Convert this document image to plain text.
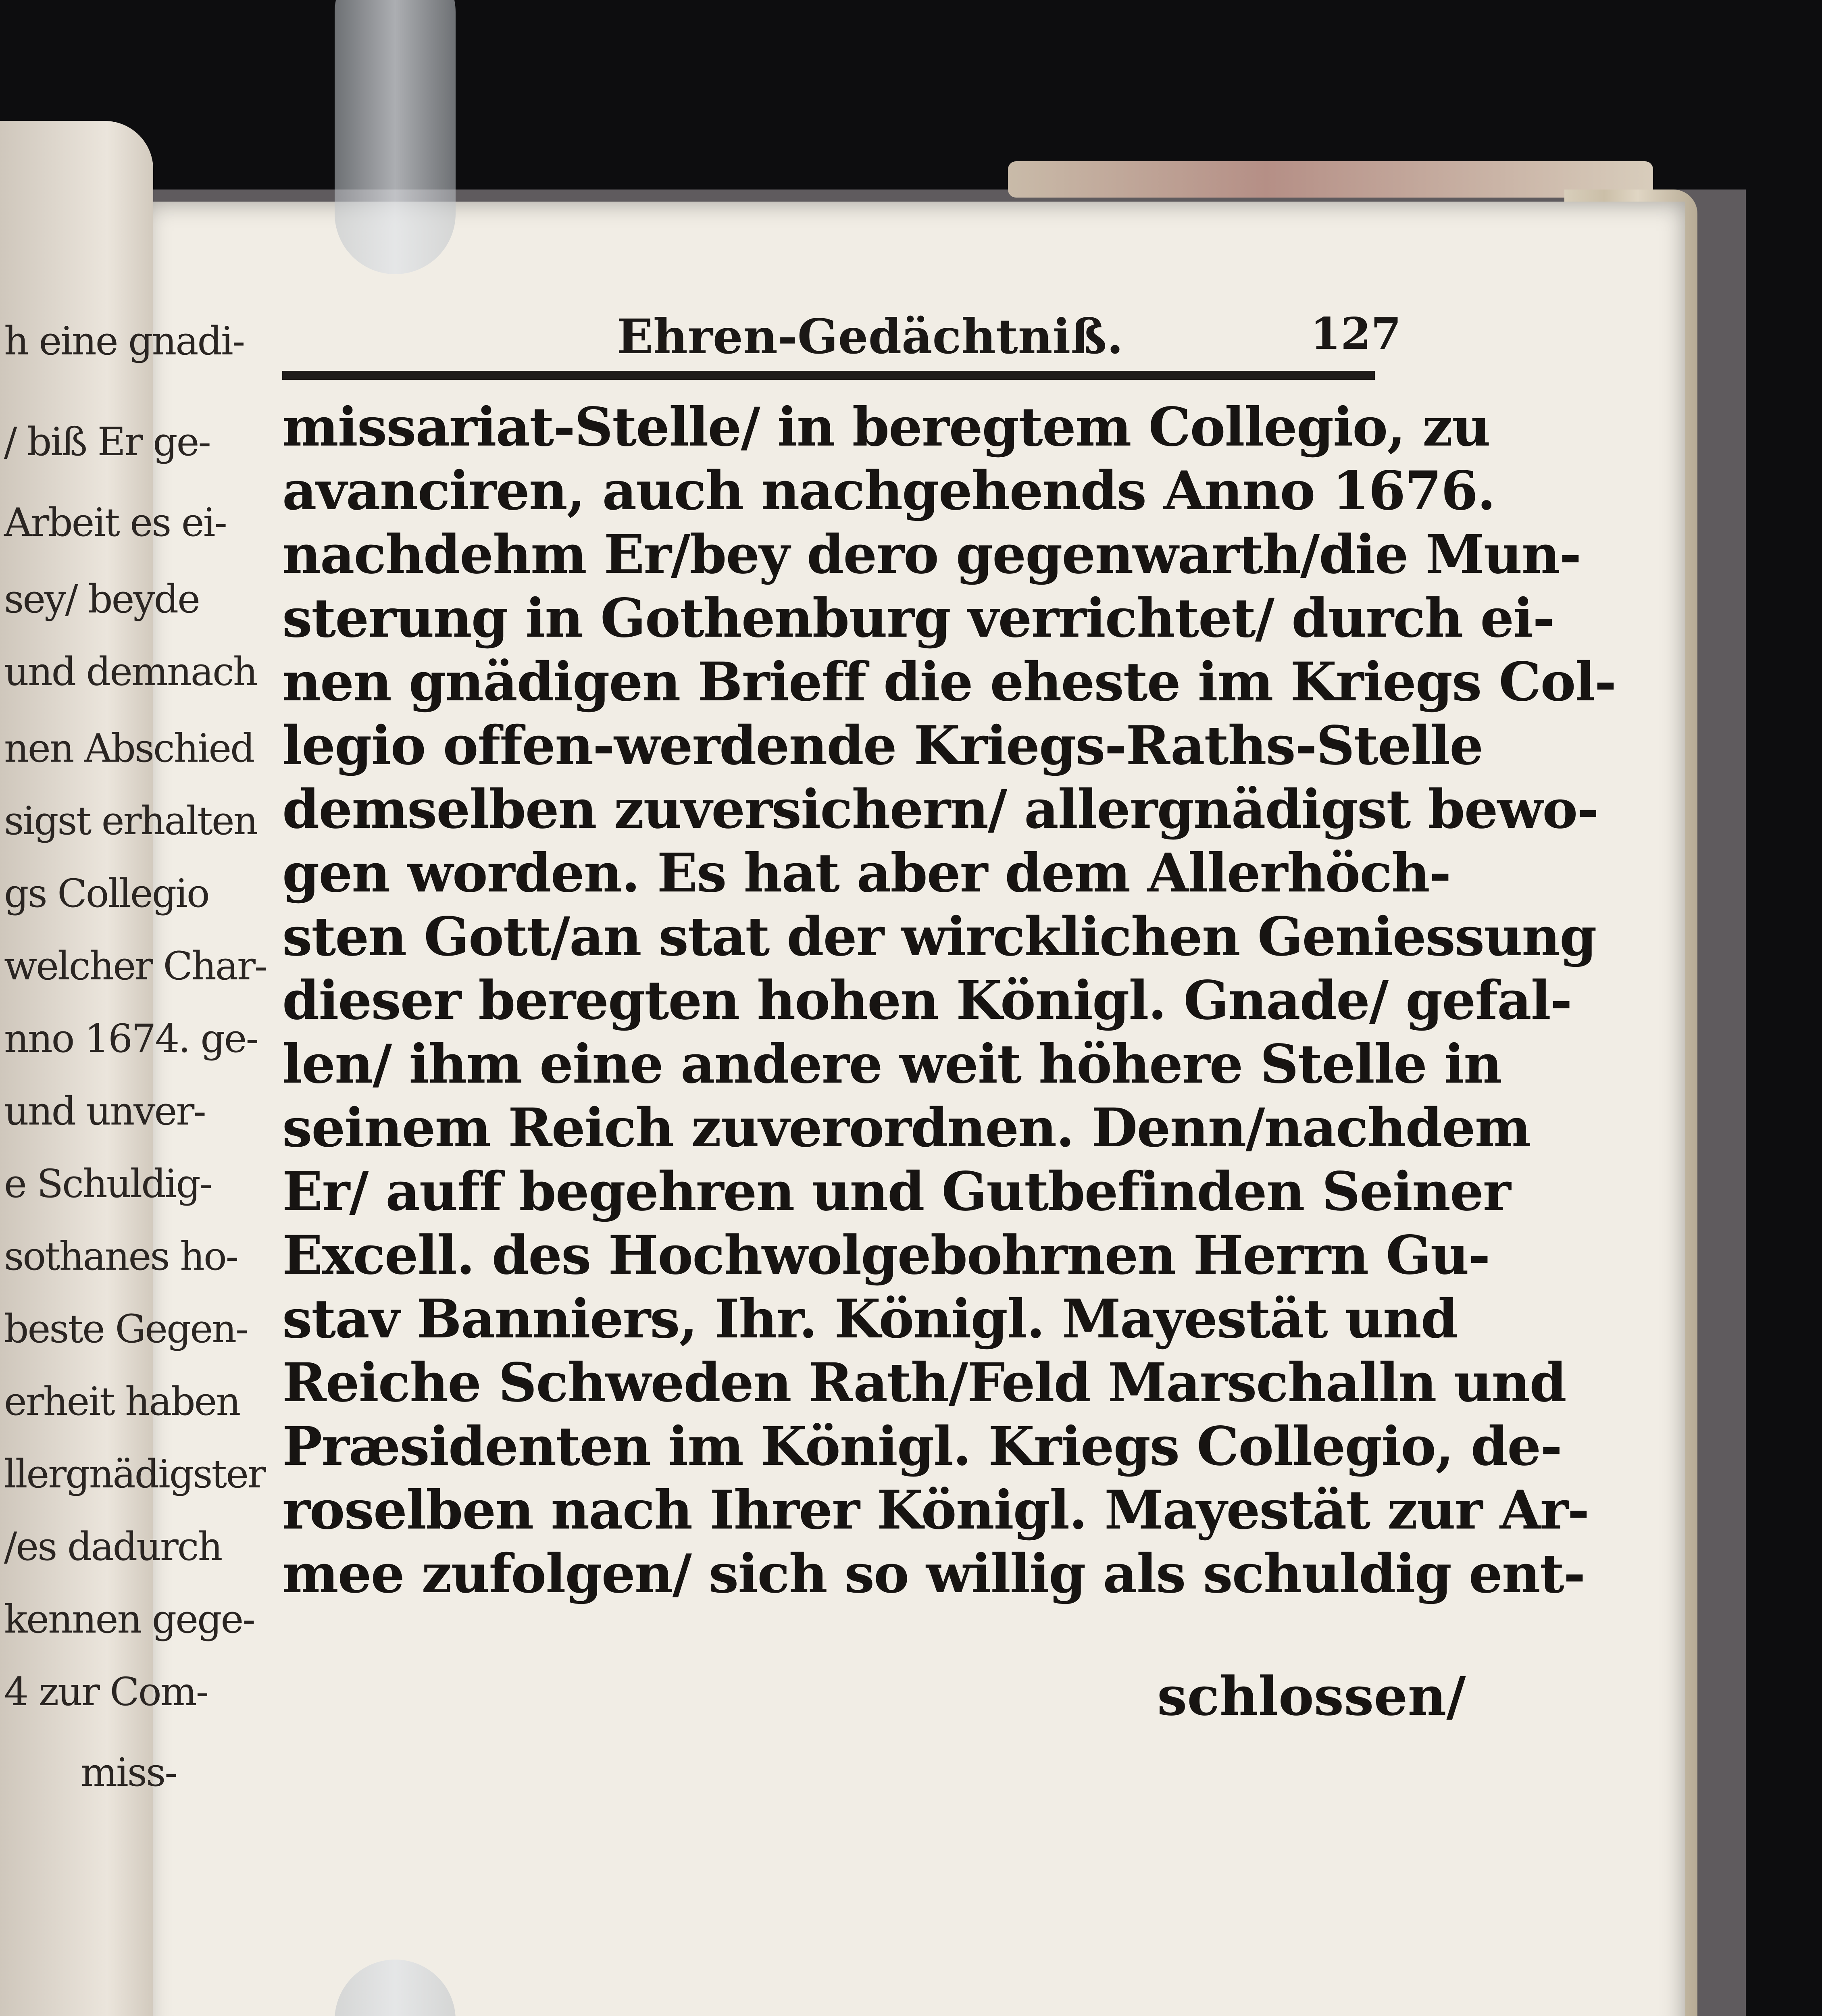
h eine gnadi-
/ biß Er ge-
Arbeit es ei-
sey/ beyde
und demnach
nen Abschied
sigst erhalten
gs Collegio
welcher Char-
nno 1674. ge-
und unver-
e Schuldig-
sothanes ho-
beste Gegen-
erheit haben
llergnädigster
/es dadurch
kennen gege-
4 zur Com-
miss-
Ehren-Gedächtniß.	127
missariat-Stelle/ in beregtem Collegio, zu
avanciren, auch nachgehends Anno 1676.
nachdehm Er/bey dero gegenwarth/die Mun-
sterung in Gothenburg verrichtet/ durch ei-
nen gnädigen Brieff die eheste im Kriegs Col-
legio offen-werdende Kriegs-Raths-Stelle
demselben zuversichern/ allergnädigst bewo-
gen worden. Es hat aber dem Allerhöch-
sten Gott/an stat der wircklichen Geniessung
dieser beregten hohen Königl. Gnade/ gefal-
len/ ihm eine andere weit höhere Stelle in
seinem Reich zuverordnen. Denn/nachdem
Er/ auff begehren und Gutbefinden Seiner
Excell. des Hochwolgebohrnen Herrn Gu-
stav Banniers, Ihr. Königl. Mayestät und
Reiche Schweden Rath/Feld Marschalln und
Præsidenten im Königl. Kriegs Collegio, de-
roselben nach Ihrer Königl. Mayestät zur Ar-
mee zufolgen/ sich so willig als schuldig ent-
schlossen/
